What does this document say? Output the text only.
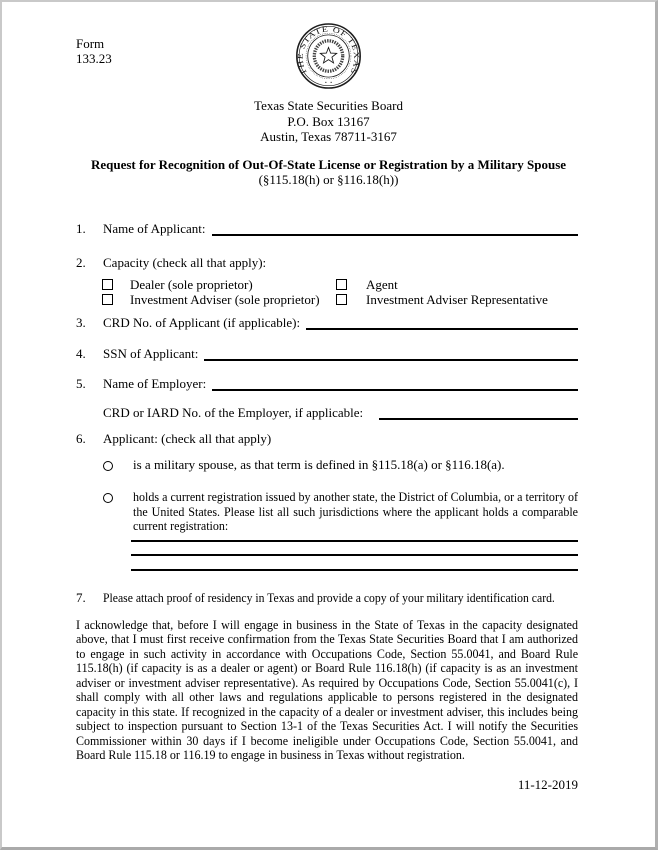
Form
133.23
THE STATE OF TEXAS
Texas State Securities Board
P.O. Box 13167
Austin, Texas 78711-3167
Request for Recognition of Out-Of-State License or Registration by a Military Spouse
(§115.18(h) or §116.18(h))
1.	Name of Applicant:
2.	Capacity (check all that apply):
Dealer (sole proprietor)	Agent
Investment Adviser (sole proprietor)	Investment Adviser Representative
3.	CRD No. of Applicant (if applicable):
4.	SSN of Applicant:
5.	Name of Employer:
CRD or IARD No. of the Employer, if applicable:
6.	Applicant: (check all that apply)
is a military spouse, as that term is defined in §115.18(a) or §116.18(a).
holds a current registration issued by another state, the District of Columbia, or a territory of the United States. Please list all such jurisdictions where the applicant holds a comparable current registration:
7.	Please attach proof of residency in Texas and provide a copy of your military identification card.
I acknowledge that, before I will engage in business in the State of Texas in the capacity designated above, that I must first receive confirmation from the Texas State Securities Board that I am authorized to engage in such activity in accordance with Occupations Code, Section 55.0041, and Board Rule 115.18(h) (if capacity is as a dealer or agent) or Board Rule 116.18(h) (if capacity is as an investment adviser or investment adviser representative). As required by Occupations Code, Section 55.0041(c), I shall comply with all other laws and regulations applicable to persons registered in the designated capacity in this state. If recognized in the capacity of a dealer or investment adviser, this includes being subject to inspection pursuant to Section 13-1 of the Texas Securities Act. I will notify the Securities Commissioner within 30 days if I become ineligible under Occupations Code, Section 55.0041, and Board Rule 115.18 or 116.19 to engage in business in Texas without registration.
11-12-2019
